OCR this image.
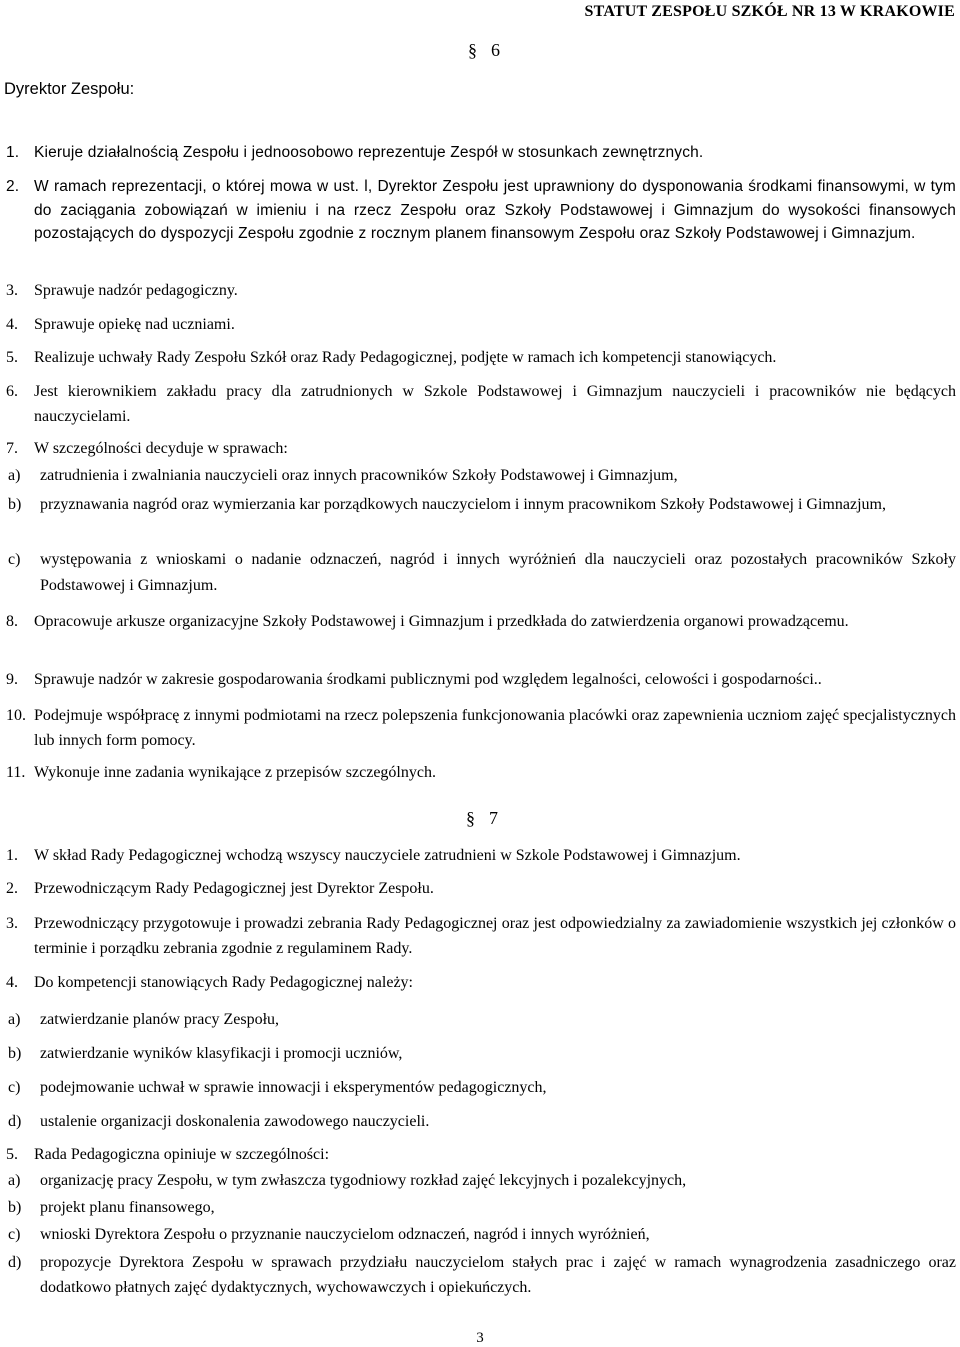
STATUT ZESPOŁU SZKÓŁ NR 13 W KRAKOWIE
§ 6
Dyrektor Zespołu:
1. Kieruje działalnością Zespołu i jednoosobowo reprezentuje Zespół w stosunkach zewnętrznych.
2. W ramach reprezentacji, o której mowa w ust. l, Dyrektor Zespołu jest uprawniony do dysponowania środkami finansowymi, w tym do zaciągania zobowiązań w imieniu i na rzecz Zespołu oraz Szkoły Podstawowej i Gimnazjum do wysokości finansowych pozostających do dyspozycji Zespołu zgodnie z rocznym planem finansowym Zespołu oraz Szkoły Podstawowej i Gimnazjum.
3. Sprawuje nadzór pedagogiczny.
4. Sprawuje opiekę nad uczniami.
5. Realizuje uchwały Rady Zespołu Szkół oraz Rady Pedagogicznej, podjęte w ramach ich kompetencji stanowiących.
6. Jest kierownikiem zakładu pracy dla zatrudnionych w Szkole Podstawowej i Gimnazjum nauczycieli i pracowników nie będących nauczycielami.
7. W szczególności decyduje w sprawach:
a) zatrudnienia i zwalniania nauczycieli oraz innych pracowników Szkoły Podstawowej i Gimnazjum,
b) przyznawania nagród oraz wymierzania kar porządkowych nauczycielom i innym pracownikom Szkoły Podstawowej i Gimnazjum,
c) występowania z wnioskami o nadanie odznaczeń, nagród i innych wyróżnień dla nauczycieli oraz pozostałych pracowników Szkoły Podstawowej i Gimnazjum.
8. Opracowuje arkusze organizacyjne Szkoły Podstawowej i Gimnazjum i przedkłada do zatwierdzenia organowi prowadzącemu.
9. Sprawuje nadzór w zakresie gospodarowania środkami publicznymi pod względem legalności, celowości i gospodarności..
10. Podejmuje współpracę z innymi podmiotami na rzecz polepszenia funkcjonowania placówki oraz zapewnienia uczniom zajęć specjalistycznych lub innych form pomocy.
11. Wykonuje inne zadania wynikające z przepisów szczególnych.
§ 7
1. W skład Rady Pedagogicznej wchodzą wszyscy nauczyciele zatrudnieni w Szkole Podstawowej i Gimnazjum.
2. Przewodniczącym Rady Pedagogicznej jest Dyrektor Zespołu.
3. Przewodniczący przygotowuje i prowadzi zebrania Rady Pedagogicznej oraz jest odpowiedzialny za zawiadomienie wszystkich jej członków o terminie i porządku zebrania zgodnie z regulaminem Rady.
4. Do kompetencji stanowiących Rady Pedagogicznej należy:
a) zatwierdzanie planów pracy Zespołu,
b) zatwierdzanie wyników klasyfikacji i promocji uczniów,
c) podejmowanie uchwał w sprawie innowacji i eksperymentów pedagogicznych,
d) ustalenie organizacji doskonalenia zawodowego nauczycieli.
5. Rada Pedagogiczna opiniuje w szczególności:
a) organizację pracy Zespołu, w tym zwłaszcza tygodniowy rozkład zajęć lekcyjnych i pozalekcyjnych,
b) projekt planu finansowego,
c) wnioski Dyrektora Zespołu o przyznanie nauczycielom odznaczeń, nagród i innych wyróżnień,
d) propozycje Dyrektora Zespołu w sprawach przydziału nauczycielom stałych prac i zajęć w ramach wynagrodzenia zasadniczego oraz dodatkowo płatnych zajęć dydaktycznych, wychowawczych i opiekuńczych.
3
